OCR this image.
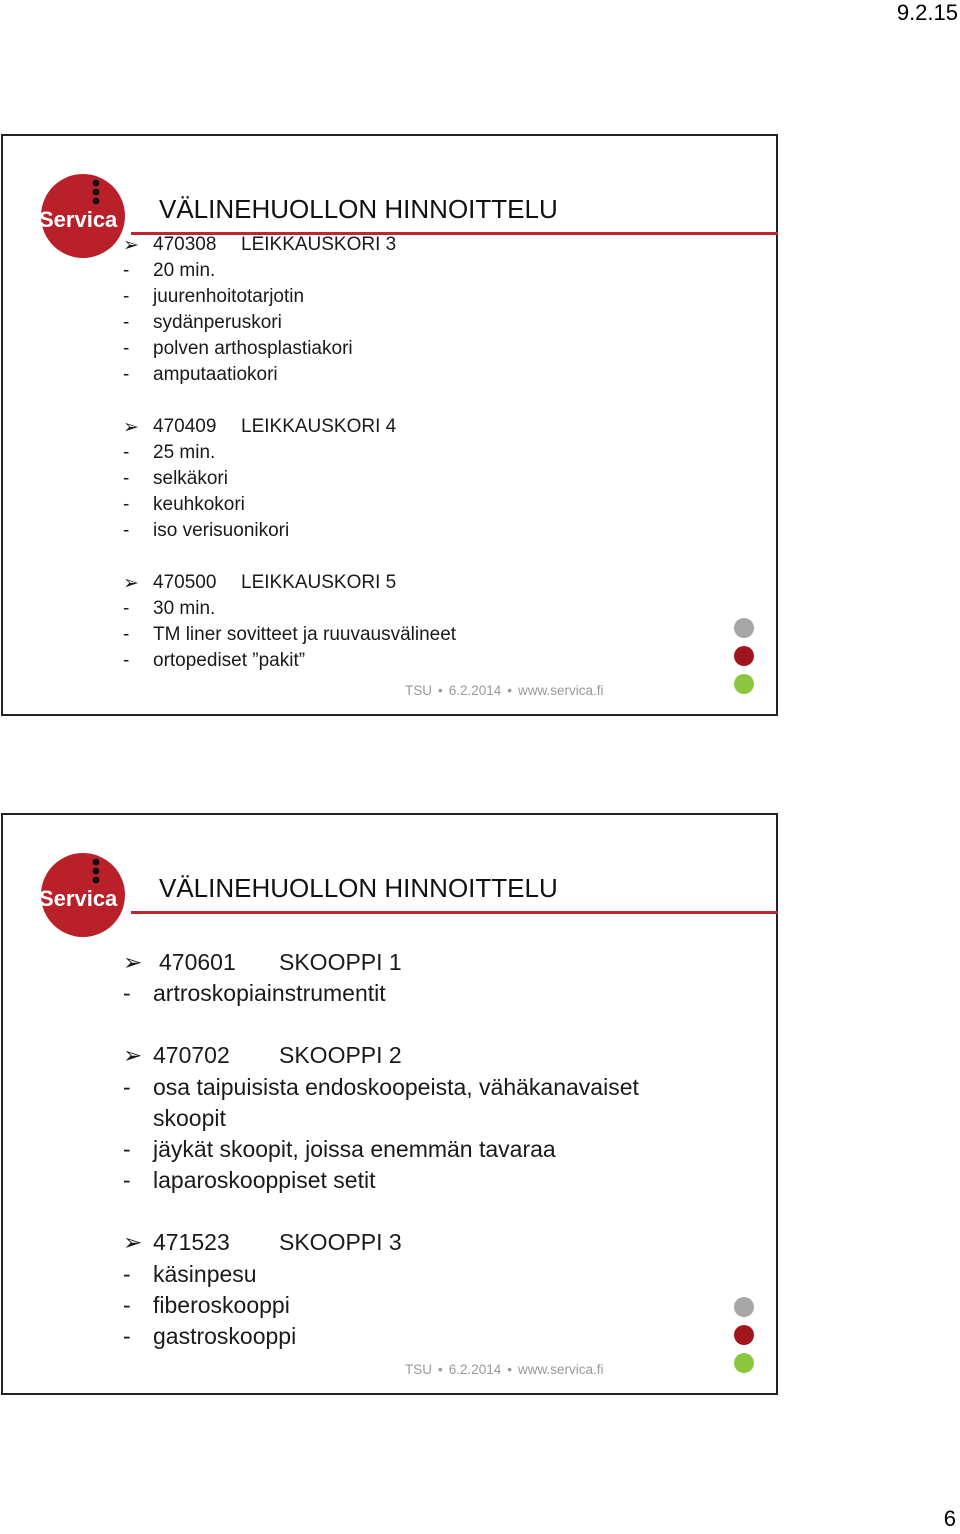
9.2.15
Servica VÄLINEHUOLLON HINNOITTELU
➢ 470308 LEIKKAUSKORI 3
- 20 min.
- juurenhoitotarjotin
- sydänperuskori
- polven arthosplastiakori
- amputaatiokori
➢ 470409 LEIKKAUSKORI 4
- 25 min.
- selkäkori
- keuhkokori
- iso verisuonikori
➢ 470500 LEIKKAUSKORI 5
- 30 min.
- TM liner sovitteet ja ruuvausvälineet
- ortopediset ”pakit”
TSU • 6.2.2014 • www.servica.fi
Servica VÄLINEHUOLLON HINNOITTELU
➢ 470601 SKOOPPI 1
- artroskopiainstrumentit
➢ 470702 SKOOPPI 2
- osa taipuisista endoskoopeista, vähäkanavaiset
skoopit
- jäykät skoopit, joissa enemmän tavaraa
- laparoskooppiset setit
➢ 471523 SKOOPPI 3
- käsinpesu
- fiberoskooppi
- gastroskooppi
TSU • 6.2.2014 • www.servica.fi
6
